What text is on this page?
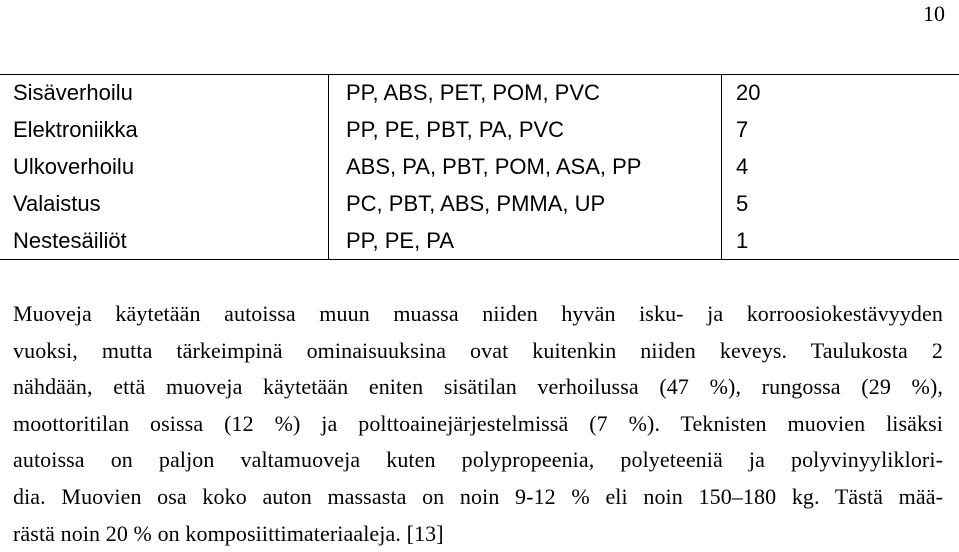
10
Sisäverhoilu	PP, ABS, PET, POM, PVC	20
Elektroniikka	PP, PE, PBT, PA, PVC	7
Ulkoverhoilu	ABS, PA, PBT, POM, ASA, PP	4
Valaistus	PC, PBT, ABS, PMMA, UP	5
Nestesäiliöt	PP, PE, PA	1
Muoveja käytetään autoissa muun muassa niiden hyvän isku- ja korroosiokestävyyden
vuoksi, mutta tärkeimpinä ominaisuuksina ovat kuitenkin niiden keveys. Taulukosta 2
nähdään, että muoveja käytetään eniten sisätilan verhoilussa (47 %), rungossa (29 %),
moottoritilan osissa (12 %) ja polttoainejärjestelmissä (7 %). Teknisten muovien lisäksi
autoissa on paljon valtamuoveja kuten polypropeenia, polyeteeniä ja polyvinyyliklori-
dia. Muovien osa koko auton massasta on noin 9-12 % eli noin 150–180 kg. Tästä mää-
rästä noin 20 % on komposiittimateriaaleja. [13]
